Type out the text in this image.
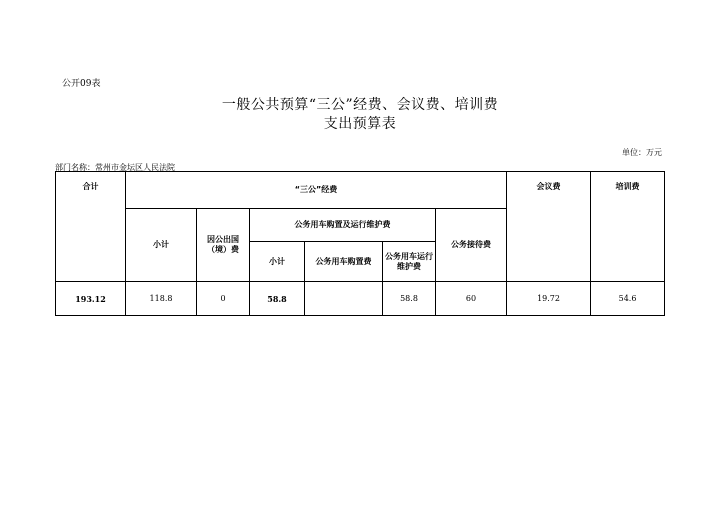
公开09表
一般公共预算“三公”经费、会议费、培训费
支出预算表
单位：万元
部门名称：常州市金坛区人民法院
合计	“三公”经费						会议费	培训费
	小计	因公出国（境）费	公务用车购置及运行维护费			公务接待费		
			小计	公务用车购置费	公务用车运行维护费			
193.12	118.8	0	58.8		58.8	60	19.72	54.6
